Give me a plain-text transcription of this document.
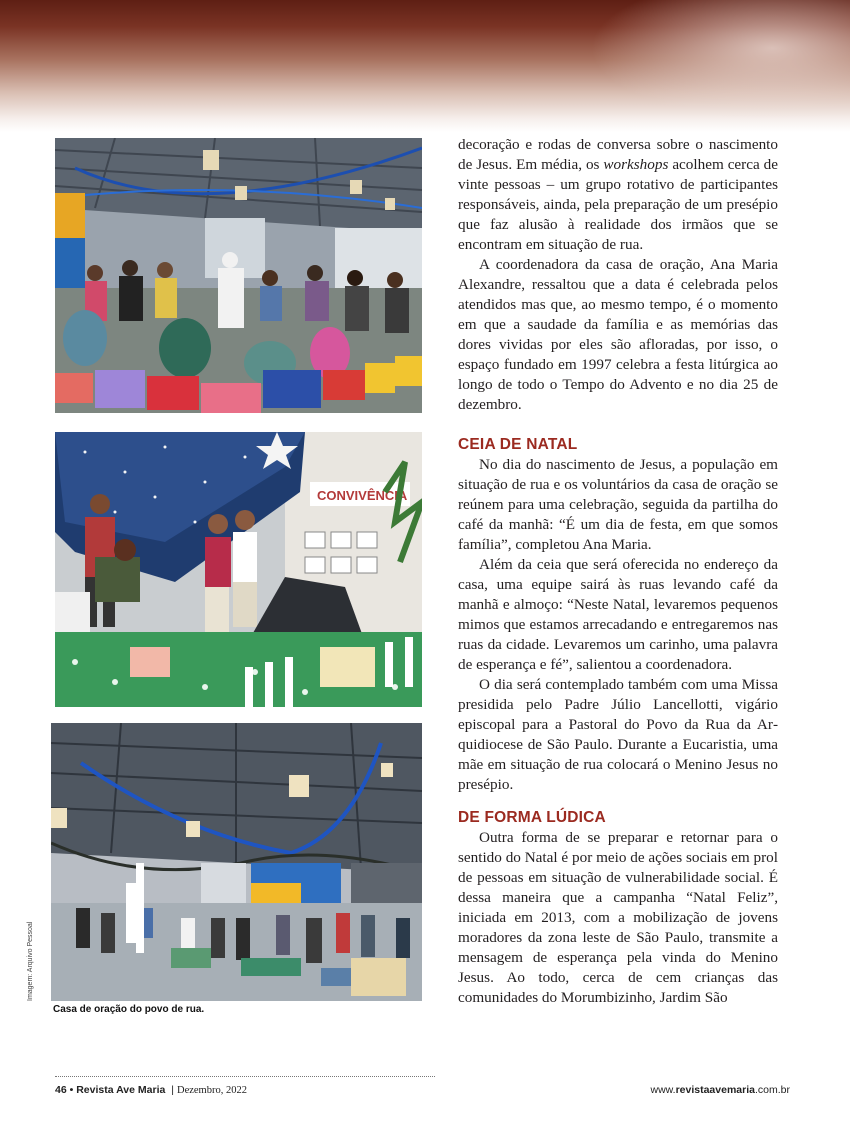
CONVIVÊNCIA
Imagem: Arquivo Pessoal
Casa de oração do povo de rua.

decoração e rodas de conversa sobre o nascimento de Jesus. Em média, os workshops acolhem cerca de vinte pessoas – um grupo rotativo de participantes responsáveis, ainda, pela preparação de um presépio que faz alusão à realidade dos irmãos que se encontram em situação de rua.

A coordenadora da casa de oração, Ana Maria Alexandre, ressaltou que a data é celebrada pelos atendidos mas que, ao mesmo tempo, é o momento em que a saudade da família e as memórias das dores vividas por eles são afloradas, por isso, o espaço fundado em 1997 celebra a festa litúrgica ao longo de todo o Tempo do Advento e no dia 25 de dezembro.

CEIA DE NATAL

No dia do nascimento de Jesus, a população em situação de rua e os voluntários da casa de oração se reúnem para uma celebração, seguida da partilha do café da manhã: “É um dia de festa, em que somos família”, completou Ana Maria.

Além da ceia que será oferecida no endereço da casa, uma equipe sairá às ruas levando café da manhã e almoço: “Neste Natal, levaremos pequenos mimos que estamos arrecadando e entregaremos nas ruas da cidade. Levaremos um carinho, uma palavra de esperança e fé”, salientou a coordenadora.

O dia será contemplado também com uma Missa presidida pelo Padre Júlio Lancellotti, vigário episcopal para a Pastoral do Povo da Rua da Arquidiocese de São Paulo. Durante a Eucaristia, uma mãe em situação de rua colocará o Menino Jesus no presépio.

DE FORMA LÚDICA

Outra forma de se preparar e retornar para o sentido do Natal é por meio de ações sociais em prol de pessoas em situação de vulnerabilidade social. É dessa maneira que a campanha “Natal Feliz”, iniciada em 2013, com a mobilização de jovens moradores da zona leste de São Paulo, transmite a mensagem de esperança pela vinda do Menino Jesus. Ao todo, cerca de cem crianças das comunidades do Morumbizinho, Jardim São

46 • Revista Ave Maria | Dezembro, 2022	www.revistaavemaria.com.br
